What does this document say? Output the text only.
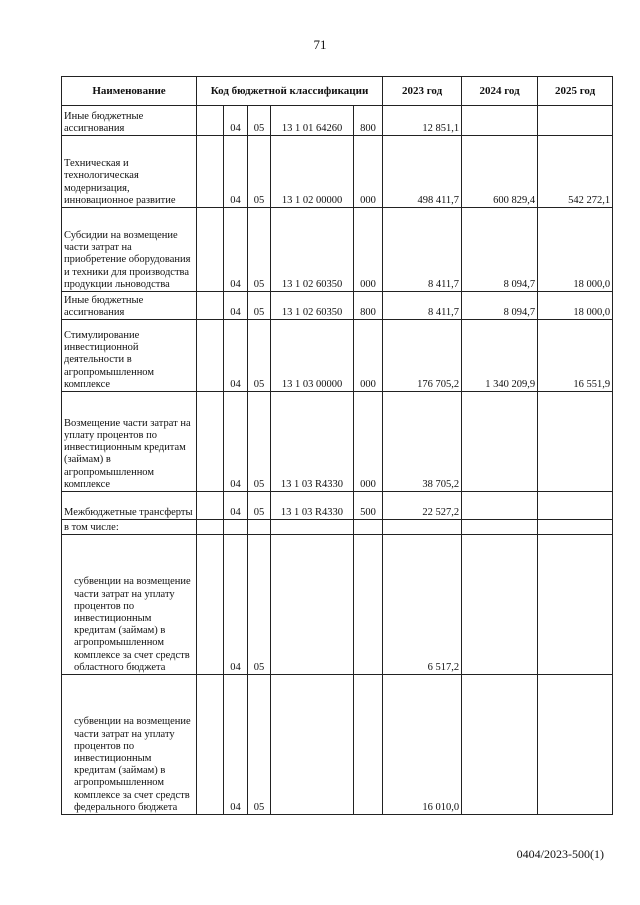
71
Наименование	Код бюджетной классификации					2023 год	2024 год	2025 год
Иные бюджетные ассигнования		04	05	13 1 01 64260	800	12 851,1		
Техническая и технологическая модернизация, инновационное развитие		04	05	13 1 02 00000	000	498 411,7	600 829,4	542 272,1
Субсидии на возмещение части затрат на приобретение оборудования и техники для производства продукции льноводства		04	05	13 1 02 60350	000	8 411,7	8 094,7	18 000,0
Иные бюджетные ассигнования		04	05	13 1 02 60350	800	8 411,7	8 094,7	18 000,0
Стимулирование инвестиционной деятельности в агропромышленном комплексе		04	05	13 1 03 00000	000	176 705,2	1 340 209,9	16 551,9
Возмещение части затрат на уплату процентов по инвестиционным кредитам (займам) в агропромышленном комплексе		04	05	13 1 03 R4330	000	38 705,2		
Межбюджетные трансферты		04	05	13 1 03 R4330	500	22 527,2		
в том числе:								
субвенции на возмещение части затрат на уплату процентов по инвестиционным кредитам (займам) в агропромышленном комплексе за счет средств областного бюджета		04	05			6 517,2		
субвенции на возмещение части затрат на уплату процентов по инвестиционным кредитам (займам) в агропромышленном комплексе за счет средств федерального бюджета		04	05			16 010,0		
0404/2023-500(1)
